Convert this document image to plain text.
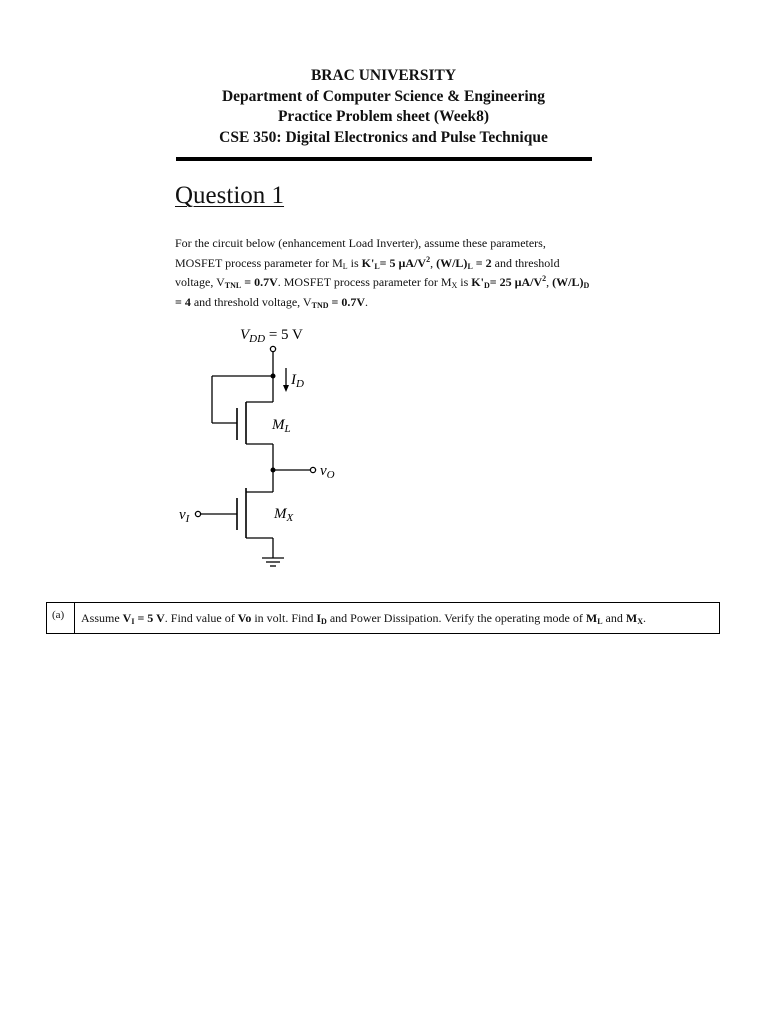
BRAC UNIVERSITY
Department of Computer Science & Engineering
Practice Problem sheet (Week8)
CSE 350: Digital Electronics and Pulse Technique
Question 1
For the circuit below (enhancement Load Inverter), assume these parameters, MOSFET process parameter for $M_L$ is $K'_L= 5$ $\mu A/V^2$, $(W/L)_L = 2$ and threshold voltage, $V_{TNL} = 0.7V$. MOSFET process parameter for $M_X$ is $K'_D= 25$ $\mu A/V^2$, $(W/L)_D = 4$ and threshold voltage, $V_{TND} = 0.7V$.
$V_{DD} = 5$ V
$I_D$
$M_L$
$v_O$
$M_X$
$v_I$
(a)	Assume $V_I = 5$ V. Find value of Vo in volt. Find $I_D$ and Power Dissipation. Verify the operating mode of $M_L$ and $M_X$.
